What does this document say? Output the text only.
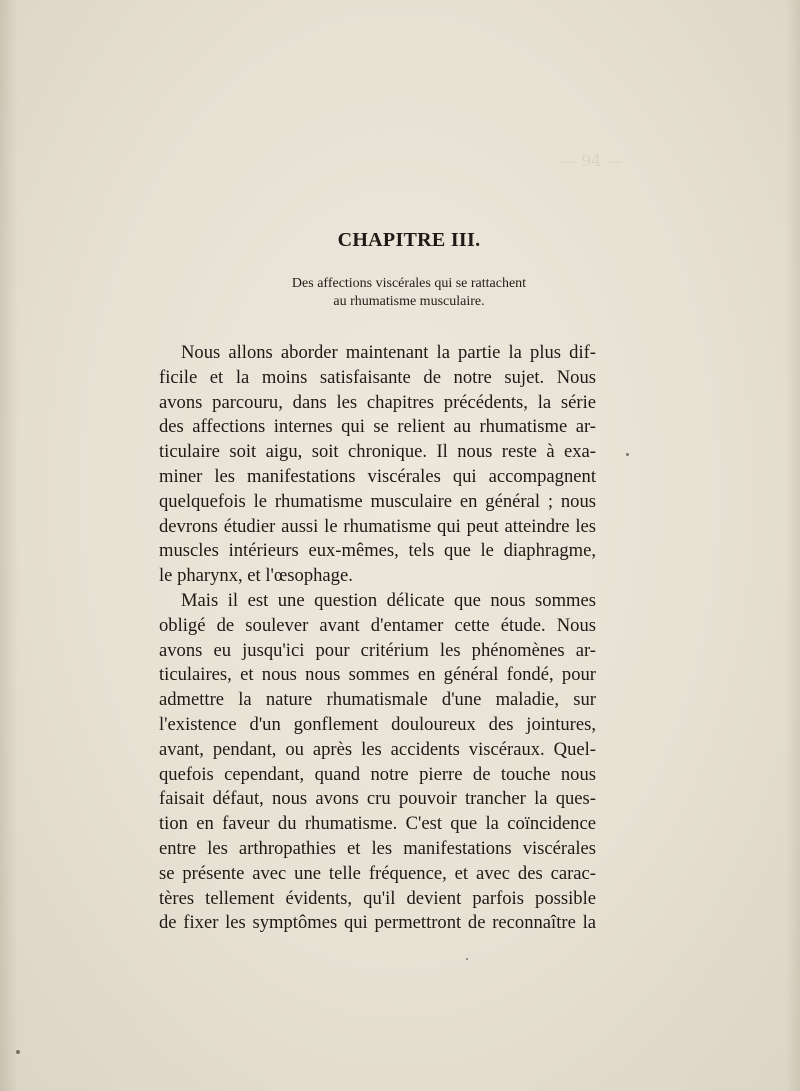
— 94 —

CHAPITRE III.
Des affections viscérales qui se rattachent
au rhumatisme musculaire.
Nous allons aborder maintenant la partie la plus dif-
ficile et la moins satisfaisante de notre sujet. Nous
avons parcouru, dans les chapitres précédents, la série
des affections internes qui se relient au rhumatisme ar-
ticulaire soit aigu, soit chronique. Il nous reste à exa-
miner les manifestations viscérales qui accompagnent
quelquefois le rhumatisme musculaire en général ; nous
devrons étudier aussi le rhumatisme qui peut atteindre les
muscles intérieurs eux-mêmes, tels que le diaphragme,
le pharynx, et l'œsophage.
Mais il est une question délicate que nous sommes
obligé de soulever avant d'entamer cette étude. Nous
avons eu jusqu'ici pour critérium les phénomènes ar-
ticulaires, et nous nous sommes en général fondé, pour
admettre la nature rhumatismale d'une maladie, sur
l'existence d'un gonflement douloureux des jointures,
avant, pendant, ou après les accidents viscéraux. Quel-
quefois cependant, quand notre pierre de touche nous
faisait défaut, nous avons cru pouvoir trancher la ques-
tion en faveur du rhumatisme. C'est que la coïncidence
entre les arthropathies et les manifestations viscérales
se présente avec une telle fréquence, et avec des carac-
tères tellement évidents, qu'il devient parfois possible
de fixer les symptômes qui permettront de reconnaître la
